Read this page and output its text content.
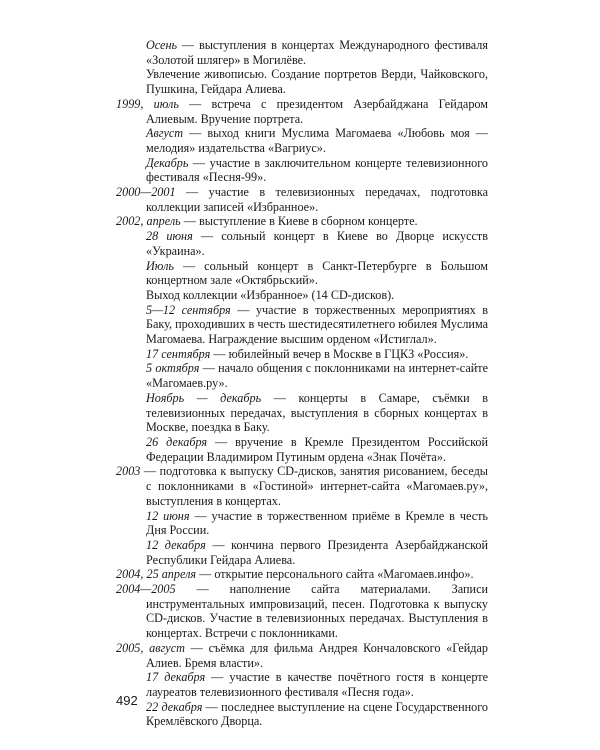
Осень — выступления в концертах Международного фестиваля «Золотой шлягер» в Могилёве.

Увлечение живописью. Создание портретов Верди, Чайковского, Пушкина, Гейдара Алиева.

1999, июль — встреча с президентом Азербайджана Гейдаром Алиевым. Вручение портрета.

Август — выход книги Муслима Магомаева «Любовь моя — мелодия» издательства «Вагриус».

Декабрь — участие в заключительном концерте телевизионного фестиваля «Песня-99».

2000—2001 — участие в телевизионных передачах, подготовка коллекции записей «Избранное».

2002, апрель — выступление в Киеве в сборном концерте.

28 июня — сольный концерт в Киеве во Дворце искусств «Украина».

Июль — сольный концерт в Санкт-Петербурге в Большом концертном зале «Октябрьский».

Выход коллекции «Избранное» (14 CD-дисков).

5—12 сентября — участие в торжественных мероприятиях в Баку, проходивших в честь шестидесятилетнего юбилея Муслима Магомаева. Награждение высшим орденом «Истиглал».

17 сентября — юбилейный вечер в Москве в ГЦКЗ «Россия».

5 октября — начало общения с поклонниками на интернет-сайте «Магомаев.ру».

Ноябрь — декабрь — концерты в Самаре, съёмки в телевизионных передачах, выступления в сборных концертах в Москве, поездка в Баку.

26 декабря — вручение в Кремле Президентом Российской Федерации Владимиром Путиным ордена «Знак Почёта».

2003 — подготовка к выпуску CD-дисков, занятия рисованием, беседы с поклонниками в «Гостиной» интернет-сайта «Магомаев.ру», выступления в концертах.

12 июня — участие в торжественном приёме в Кремле в честь Дня России.

12 декабря — кончина первого Президента Азербайджанской Республики Гейдара Алиева.

2004, 25 апреля — открытие персонального сайта «Магомаев.инфо».

2004—2005 — наполнение сайта материалами. Записи инструментальных импровизаций, песен. Подготовка к выпуску CD-дисков. Участие в телевизионных передачах. Выступления в концертах. Встречи с поклонниками.

2005, август — съёмка для фильма Андрея Кончаловского «Гейдар Алиев. Бремя власти».

17 декабря — участие в качестве почётного гостя в концерте лауреатов телевизионного фестиваля «Песня года».

22 декабря — последнее выступление на сцене Государственного Кремлёвского Дворца.

492
